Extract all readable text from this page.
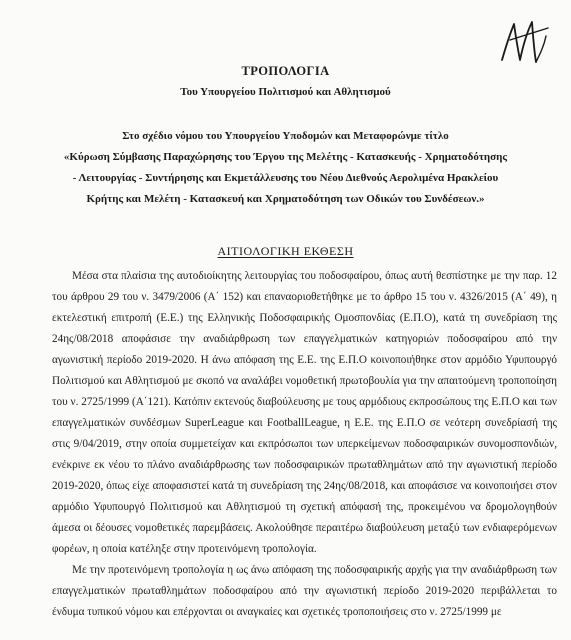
ΤΡΟΠΟΛΟΓΙΑ
Του Υπουργείου Πολιτισμού και Αθλητισμού
Στο σχέδιο νόμου του Υπουργείου Υποδομών και Μεταφορώνμε τίτλο
«Κύρωση Σύμβασης Παραχώρησης του Έργου της Μελέτης - Κατασκευής - Χρηματοδότησης
- Λειτουργίας - Συντήρησης και Εκμετάλλευσης του Νέου Διεθνούς Αερολιμένα Ηρακλείου
Κρήτης και Μελέτη - Κατασκευή και Χρηματοδότηση των Οδικών του Συνδέσεων.»
ΑΙΤΙΟΛΟΓΙΚΗ ΕΚΘΕΣΗ

Μέσα στα πλαίσια της αυτοδιοίκητης λειτουργίας του ποδοσφαίρου, όπως αυτή θεσπίστηκε με την παρ. 12 του άρθρου 29 του ν. 3479/2006 (Α΄ 152) και επαναοριοθετήθηκε με το άρθρο 15 του ν. 4326/2015 (Α΄ 49), η εκτελεστική επιτροπή (Ε.Ε.) της Ελληνικής Ποδοσφαιρικής Ομοσπονδίας (Ε.Π.Ο), κατά τη συνεδρίαση της 24ης/08/2018 αποφάσισε την αναδιάρθρωση των επαγγελματικών κατηγοριών ποδοσφαίρου από την αγωνιστική περίοδο 2019-2020. Η άνω απόφαση της Ε.Ε. της Ε.Π.Ο κοινοποιήθηκε στον αρμόδιο Υφυπουργό Πολιτισμού και Αθλητισμού με σκοπό να αναλάβει νομοθετική πρωτοβουλία για την απαιτούμενη τροποποίηση του ν. 2725/1999 (Α΄121). Κατόπιν εκτενούς διαβούλευσης με τους αρμόδιους εκπροσώπους της Ε.Π.Ο και των επαγγελματικών συνδέσμων SuperLeague και FootballLeague, η Ε.Ε. της Ε.Π.Ο σε νεότερη συνεδρίασή της στις 9/04/2019, στην οποία συμμετείχαν και εκπρόσωποι των υπερκείμενων ποδοσφαιρικών συνομοσπονδιών, ενέκρινε εκ νέου το πλάνο αναδιάρθρωσης των ποδοσφαιρικών πρωταθλημάτων από την αγωνιστική περίοδο 2019-2020, όπως είχε αποφασιστεί κατά τη συνεδρίαση της 24ης/08/2018, και αποφάσισε να κοινοποιήσει στον αρμόδιο Υφυπουργό Πολιτισμού και Αθλητισμού τη σχετική απόφασή της, προκειμένου να δρομολογηθούν άμεσα οι δέουσες νομοθετικές παρεμβάσεις. Ακολούθησε περαιτέρω διαβούλευση μεταξύ των ενδιαφερόμενων φορέων, η οποία κατέληξε στην προτεινόμενη τροπολογία.

Με την προτεινόμενη τροπολογία η ως άνω απόφαση της ποδοσφαιρικής αρχής για την αναδιάρθρωση των επαγγελματικών πρωταθλημάτων ποδοσφαίρου από την αγωνιστική περίοδο 2019-2020 περιβάλλεται το ένδυμα τυπικού νόμου και επέρχονται οι αναγκαίες και σχετικές τροποποιήσεις στο ν. 2725/1999 με
